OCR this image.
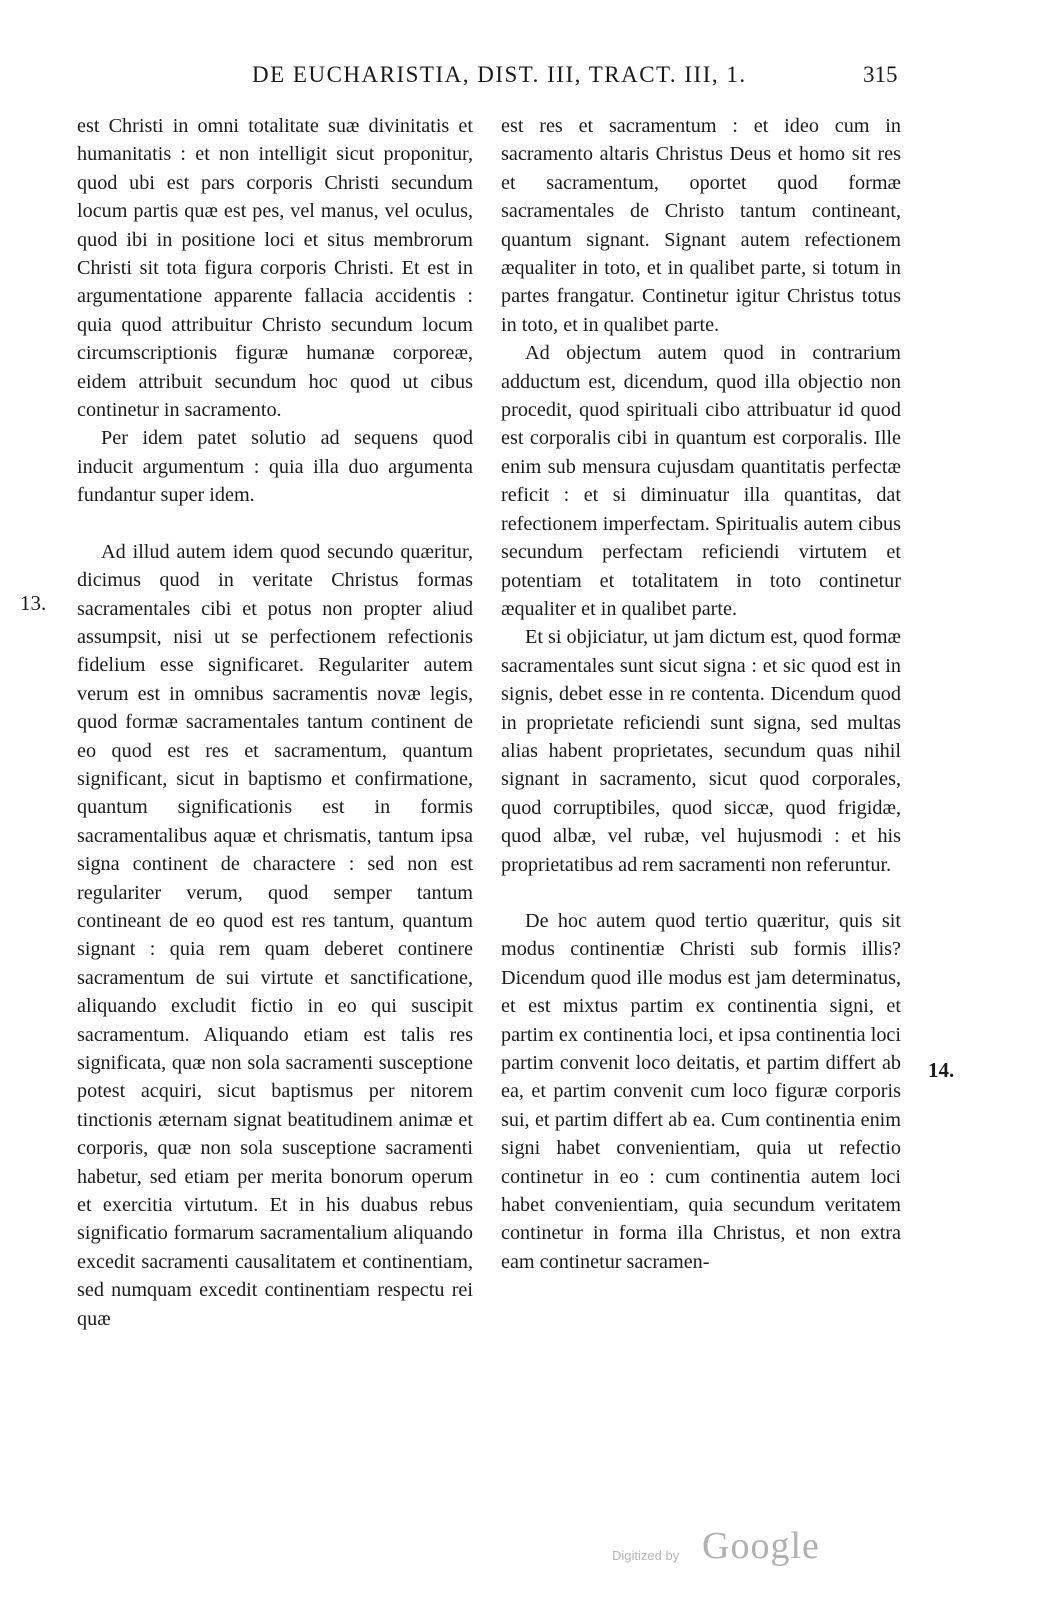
DE EUCHARISTIA, DIST. III, TRACT. III, 1.	315
13.
14.

est Christi in omni totalitate suæ divinitatis et humanitatis : et non intelligit sicut proponitur, quod ubi est pars corporis Christi secundum locum partis quæ est pes, vel manus, vel oculus, quod ibi in positione loci et situs membrorum Christi sit tota figura corporis Christi. Et est in argumentatione apparente fallacia accidentis : quia quod attribuitur Christo secundum locum circumscriptionis figuræ humanæ corporeæ, eidem attribuit secundum hoc quod ut cibus continetur in sacramento.

Per idem patet solutio ad sequens quod inducit argumentum : quia illa duo argumenta fundantur super idem.

Ad illud autem idem quod secundo quæritur, dicimus quod in veritate Christus formas sacramentales cibi et potus non propter aliud assumpsit, nisi ut se perfectionem refectionis fidelium esse significaret. Regulariter autem verum est in omnibus sacramentis novæ legis, quod formæ sacramentales tantum continent de eo quod est res et sacramentum, quantum significant, sicut in baptismo et confirmatione, quantum significationis est in formis sacramentalibus aquæ et chrismatis, tantum ipsa signa continent de charactere : sed non est regulariter verum, quod semper tantum contineant de eo quod est res tantum, quantum signant : quia rem quam deberet continere sacramentum de sui virtute et sanctificatione, aliquando excludit fictio in eo qui suscipit sacramentum. Aliquando etiam est talis res significata, quæ non sola sacramenti susceptione potest acquiri, sicut baptismus per nitorem tinctionis æternam signat beatitudinem animæ et corporis, quæ non sola susceptione sacramenti habetur, sed etiam per merita bonorum operum et exercitia virtutum. Et in his duabus rebus significatio formarum sacramentalium aliquando excedit sacramenti causalitatem et continentiam, sed numquam excedit continentiam respectu rei quæ

est res et sacramentum : et ideo cum in sacramento altaris Christus Deus et homo sit res et sacramentum, oportet quod formæ sacramentales de Christo tantum contineant, quantum signant. Signant autem refectionem æqualiter in toto, et in qualibet parte, si totum in partes frangatur. Continetur igitur Christus totus in toto, et in qualibet parte.

Ad objectum autem quod in contrarium adductum est, dicendum, quod illa objectio non procedit, quod spirituali cibo attribuatur id quod est corporalis cibi in quantum est corporalis. Ille enim sub mensura cujusdam quantitatis perfectæ reficit : et si diminuatur illa quantitas, dat refectionem imperfectam. Spiritualis autem cibus secundum perfectam reficiendi virtutem et potentiam et totalitatem in toto continetur æqualiter et in qualibet parte.

Et si objiciatur, ut jam dictum est, quod formæ sacramentales sunt sicut signa : et sic quod est in signis, debet esse in re contenta. Dicendum quod in proprietate reficiendi sunt signa, sed multas alias habent proprietates, secundum quas nihil signant in sacramento, sicut quod corporales, quod corruptibiles, quod siccæ, quod frigidæ, quod albæ, vel rubæ, vel hujusmodi : et his proprietatibus ad rem sacramenti non referuntur.

De hoc autem quod tertio quæritur, quis sit modus continentiæ Christi sub formis illis? Dicendum quod ille modus est jam determinatus, et est mixtus partim ex continentia signi, et partim ex continentia loci, et ipsa continentia loci partim convenit loco deitatis, et partim differt ab ea, et partim convenit cum loco figuræ corporis sui, et partim differt ab ea. Cum continentia enim signi habet convenientiam, quia ut refectio continetur in eo : cum continentia autem loci habet convenientiam, quia secundum veritatem continetur in forma illa Christus, et non extra eam continetur sacramen-

Digitized by Google
